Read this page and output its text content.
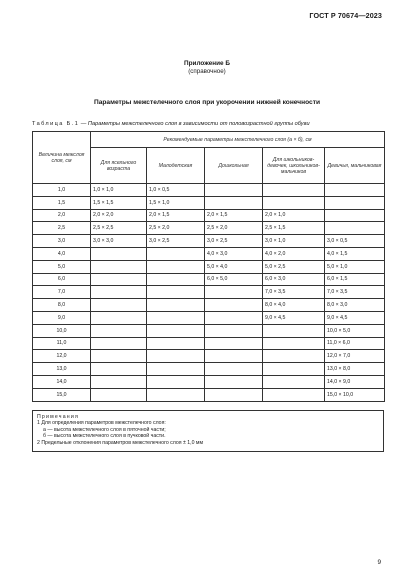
ГОСТ Р 70674—2023
Приложение Б
(справочное)
Параметры межстелечного слоя при укорочении нижней конечности
Таблица Б.1 — Параметры межстелечного слоя в зависимости от половозрастной группы обуви
Величина межслоя слоя, см	Рекомендуемые параметры межстелечного слоя (а × б), см				
	Для ясельного возраста	Малодетская	Дошкольная	Для школьников-девочек, школьников-мальчиков	Девичья, мальчиковая
1,0	1,0 × 1,0	1,0 × 0,5			
1,5	1,5 × 1,5	1,5 × 1,0			
2,0	2,0 × 2,0	2,0 × 1,5	2,0 × 1,5	2,0 × 1,0	
2,5	2,5 × 2,5	2,5 × 2,0	2,5 × 2,0	2,5 × 1,5	
3,0	3,0 × 3,0	3,0 × 2,5	3,0 × 2,5	3,0 × 1,0	3,0 × 0,5
4,0			4,0 × 3,0	4,0 × 2,0	4,0 × 1,5
5,0			5,0 × 4,0	5,0 × 2,5	5,0 × 1,0
6,0			6,0 × 5,0	6,0 × 3,0	6,0 × 1,5
7,0				7,0 × 3,5	7,0 × 3,5
8,0				8,0 × 4,0	8,0 × 3,0
9,0				9,0 × 4,5	9,0 × 4,5
10,0					10,0 × 5,0
11,0					11,0 × 6,0
12,0					12,0 × 7,0
13,0					13,0 × 8,0
14,0					14,0 × 9,0
15,0					15,0 × 10,0
Примечания
1 Для определения параметров межстелечного слоя:
а — высота межстелечного слоя в пяточной части;
б — высота межстелечного слоя в пучковой части.
2 Предельные отклонения параметров межстелечного слоя ± 1,0 мм
9
